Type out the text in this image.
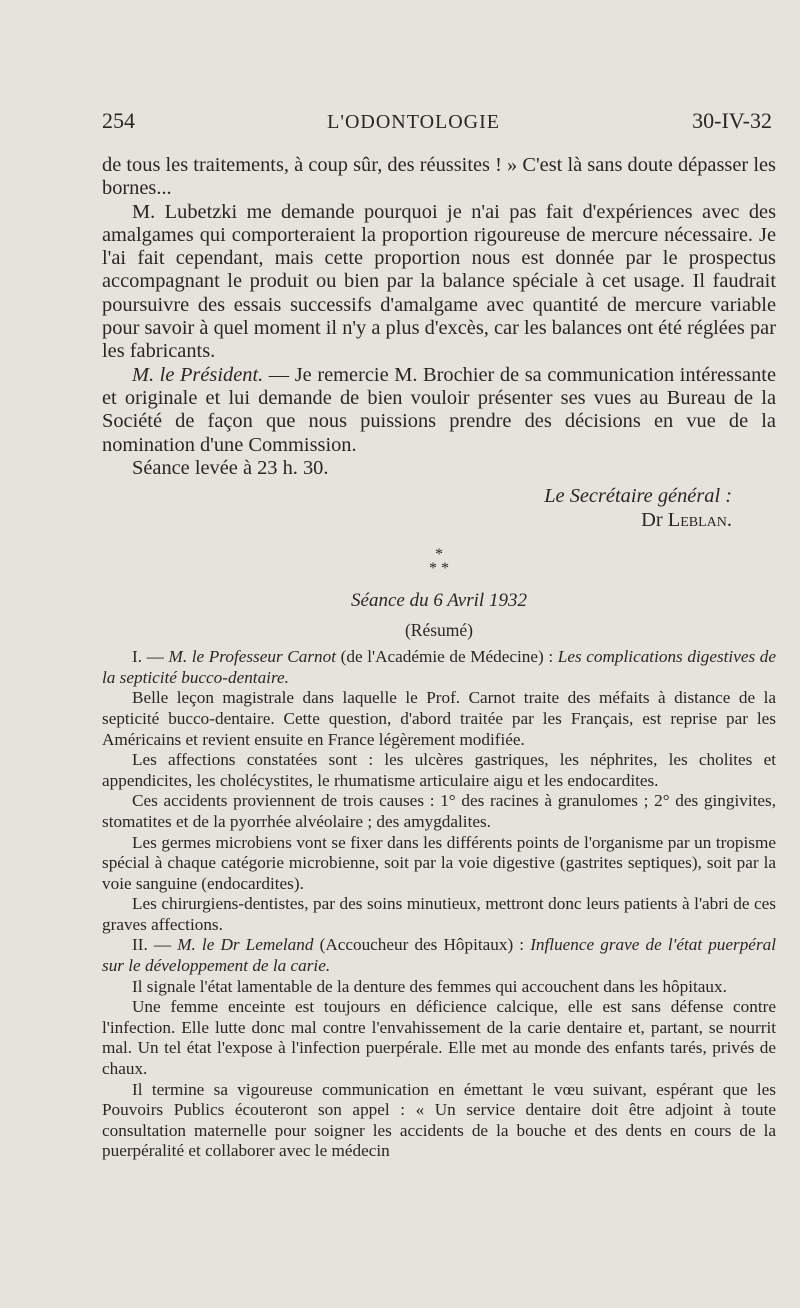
254	L'ODONTOLOGIE	30-IV-32

de tous les traitements, à coup sûr, des réussites ! » C'est là sans doute dépasser les bornes...

M. Lubetzki me demande pourquoi je n'ai pas fait d'expériences avec des amalgames qui comporteraient la proportion rigoureuse de mercure nécessaire. Je l'ai fait cependant, mais cette proportion nous est donnée par le prospectus accompagnant le produit ou bien par la balance spéciale à cet usage. Il faudrait poursuivre des essais successifs d'amalgame avec quantité de mercure variable pour savoir à quel moment il n'y a plus d'excès, car les balances ont été réglées par les fabricants.

M. le Président. — Je remercie M. Brochier de sa communication intéressante et originale et lui demande de bien vouloir présenter ses vues au Bureau de la Société de façon que nous puissions prendre des décisions en vue de la nomination d'une Commission.

Séance levée à 23 h. 30.

Le Secrétaire général :
Dr Leblan.
*
* *
Séance du 6 Avril 1932
(Résumé)

I. — M. le Professeur Carnot (de l'Académie de Médecine) : Les complications digestives de la septicité bucco-dentaire.

Belle leçon magistrale dans laquelle le Prof. Carnot traite des méfaits à distance de la septicité bucco-dentaire. Cette question, d'abord traitée par les Français, est reprise par les Américains et revient ensuite en France légèrement modifiée.

Les affections constatées sont : les ulcères gastriques, les néphrites, les cholites et appendicites, les cholécystites, le rhumatisme articulaire aigu et les endocardites.

Ces accidents proviennent de trois causes : 1° des racines à granulomes ; 2° des gingivites, stomatites et de la pyorrhée alvéolaire ; des amygdalites.

Les germes microbiens vont se fixer dans les différents points de l'organisme par un tropisme spécial à chaque catégorie microbienne, soit par la voie digestive (gastrites septiques), soit par la voie sanguine (endocardites).

Les chirurgiens-dentistes, par des soins minutieux, mettront donc leurs patients à l'abri de ces graves affections.

II. — M. le Dr Lemeland (Accoucheur des Hôpitaux) : Influence grave de l'état puerpéral sur le développement de la carie.

Il signale l'état lamentable de la denture des femmes qui accouchent dans les hôpitaux.

Une femme enceinte est toujours en déficience calcique, elle est sans défense contre l'infection. Elle lutte donc mal contre l'envahissement de la carie dentaire et, partant, se nourrit mal. Un tel état l'expose à l'infection puerpérale. Elle met au monde des enfants tarés, privés de chaux.

Il termine sa vigoureuse communication en émettant le vœu suivant, espérant que les Pouvoirs Publics écouteront son appel : « Un service dentaire doit être adjoint à toute consultation maternelle pour soigner les accidents de la bouche et des dents en cours de la puerpéralité et collaborer avec le médecin
